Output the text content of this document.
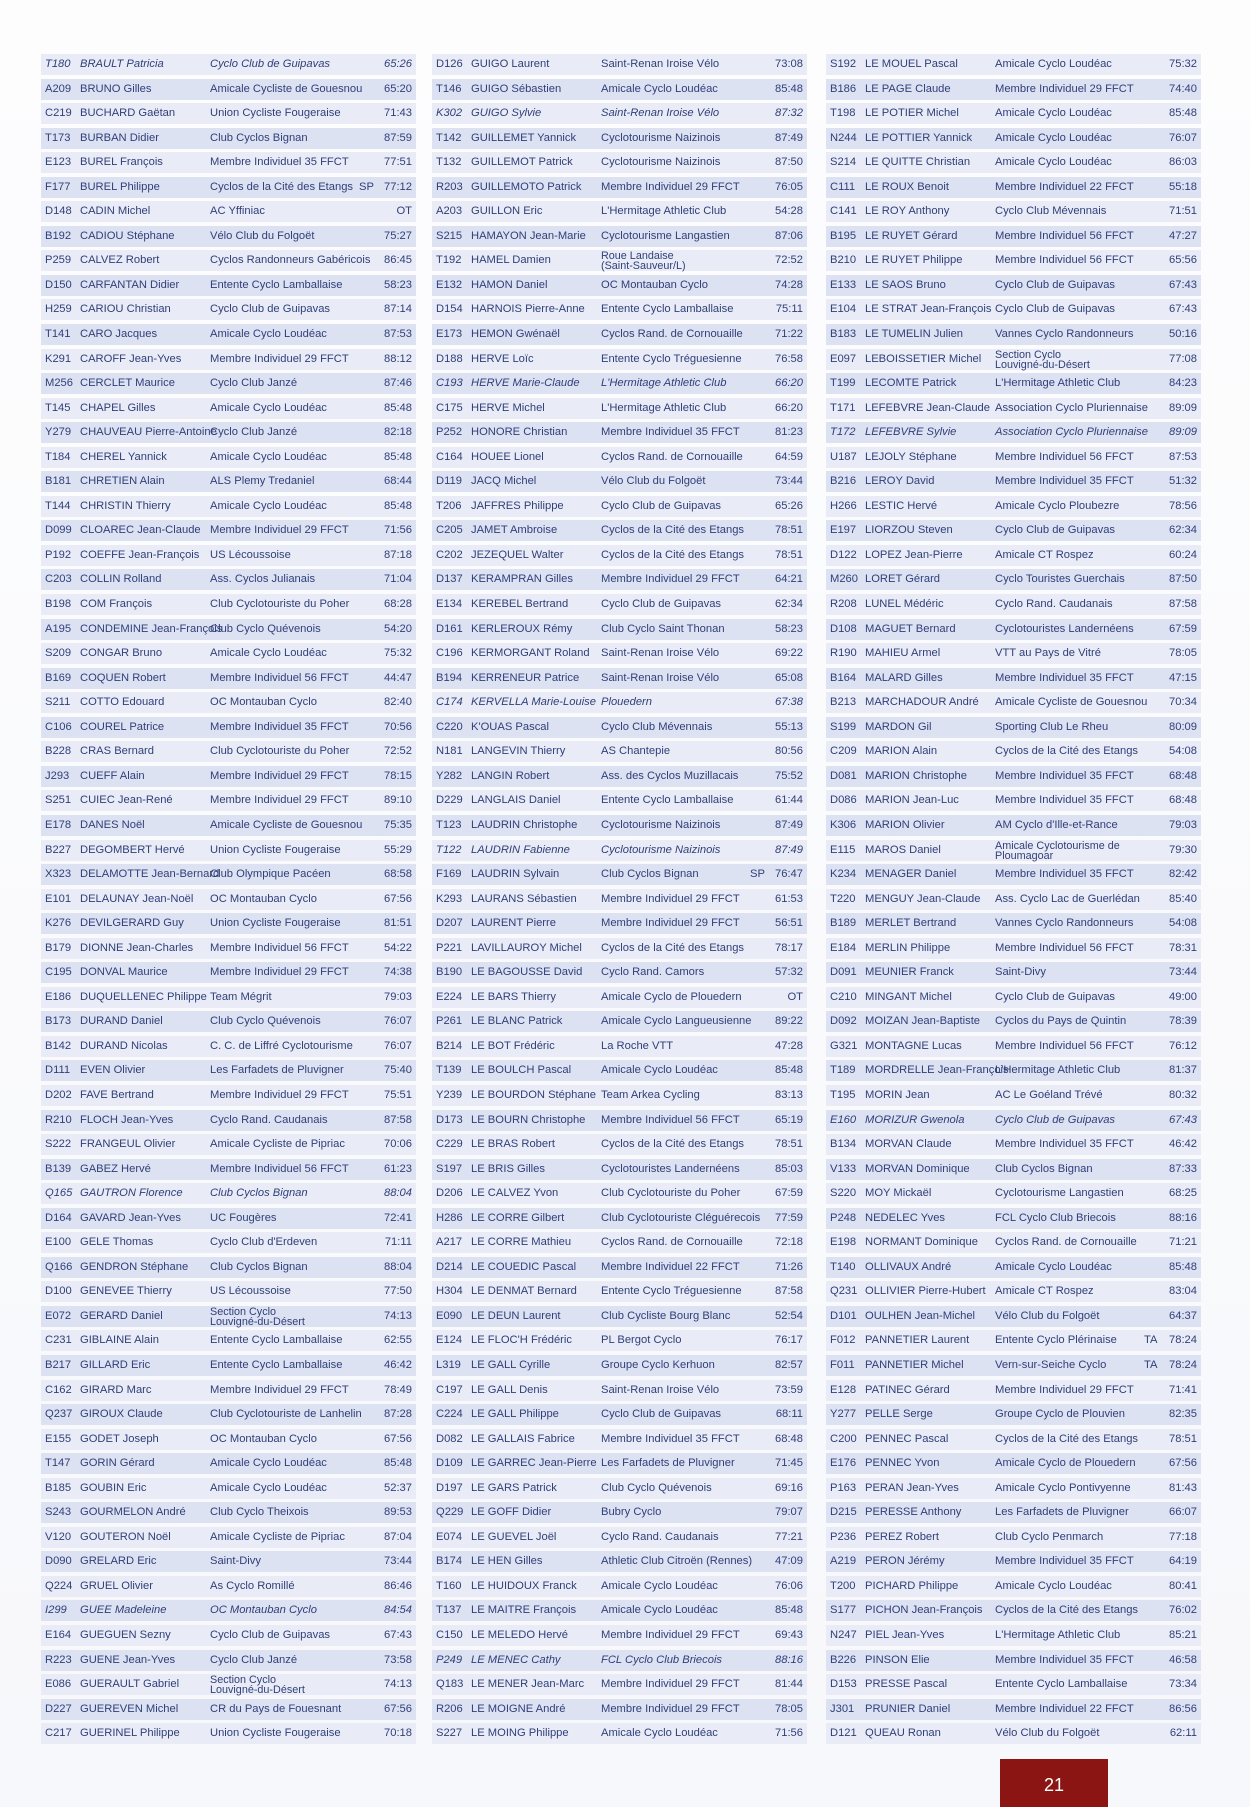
T180 BRAULT Patricia	Cyclo Club de Guipavas	65:26
A209 BRUNO Gilles	Amicale Cycliste de Gouesnou	65:20
C219 BUCHARD Gaëtan	Union Cycliste Fougeraise	71:43
T173 BURBAN Didier	Club Cyclos Bignan	87:59
E123 BUREL François	Membre Individuel 35 FFCT	77:51
F177 BUREL Philippe	Cyclos de la Cité des Etangs SP 77:12
D148 CADIN Michel	AC Yffiniac	OT
B192 CADIOU Stéphane	Vélo Club du Folgoët	75:27
P259 CALVEZ Robert	Cyclos Randonneurs Gabéricois	86:45
D150 CARFANTAN Didier	Entente Cyclo Lamballaise	58:23
H259 CARIOU Christian	Cyclo Club de Guipavas	87:14
T141 CARO Jacques	Amicale Cyclo Loudéac	87:53
K291 CAROFF Jean-Yves	Membre Individuel 29 FFCT	88:12
M256 CERCLET Maurice	Cyclo Club Janzé	87:46
T145 CHAPEL Gilles	Amicale Cyclo Loudéac	85:48
Y279 CHAUVEAU Pierre-Antoine
Cyclo Club Janzé	82:18
T184 CHEREL Yannick	Amicale Cyclo Loudéac	85:48
B181 CHRETIEN Alain	ALS Plemy Tredaniel	68:44
T144 CHRISTIN Thierry	Amicale Cyclo Loudéac	85:48
D099 CLOAREC Jean-Claude Membre Individuel 29 FFCT	71:56
P192 COEFFE Jean-François US Lécoussoise	87:18
C203 COLLIN Rolland	Ass. Cyclos Julianais	71:04
B198 COM François	Club Cyclotouriste du Poher	68:28
A195 CONDEMINE Jean-François
Club Cyclo Quévenois	54:20
S209 CONGAR Bruno	Amicale Cyclo Loudéac	75:32
B169 COQUEN Robert	Membre Individuel 56 FFCT	44:47
S211 COTTO Edouard	OC Montauban Cyclo	82:40
C106 COUREL Patrice	Membre Individuel 35 FFCT	70:56
B228 CRAS Bernard	Club Cyclotouriste du Poher	72:52
J293 CUEFF Alain	Membre Individuel 29 FFCT	78:15
S251 CUIEC Jean-René	Membre Individuel 29 FFCT	89:10
E178 DANES Noël	Amicale Cycliste de Gouesnou	75:35
B227 DEGOMBERT Hervé	Union Cycliste Fougeraise	55:29
X323 DELAMOTTE Jean-Bernard
Club Olympique Pacéen	68:58
E101 DELAUNAY Jean-Noël	OC Montauban Cyclo	67:56
K276 DEVILGERARD Guy	Union Cycliste Fougeraise	81:51
B179 DIONNE Jean-Charles	Membre Individuel 56 FFCT	54:22
C195 DONVAL Maurice	Membre Individuel 29 FFCT	74:38
E186 DUQUELLENEC Philippe Team Mégrit	79:03
B173 DURAND Daniel	Club Cyclo Quévenois	76:07
B142 DURAND Nicolas	C. C. de Liffré Cyclotourisme	76:07
D111 EVEN Olivier	Les Farfadets de Pluvigner	75:40
D202 FAVE Bertrand	Membre Individuel 29 FFCT	75:51
R210 FLOCH Jean-Yves	Cyclo Rand. Caudanais	87:58
S222 FRANGEUL Olivier	Amicale Cycliste de Pipriac	70:06
B139 GABEZ Hervé	Membre Individuel 56 FFCT	61:23
Q165 GAUTRON Florence	Club Cyclos Bignan	88:04
D164 GAVARD Jean-Yves	UC Fougères	72:41
E100 GELE Thomas	Cyclo Club d'Erdeven	71:11
Q166 GENDRON Stéphane	Club Cyclos Bignan	88:04
D100 GENEVEE Thierry	US Lécoussoise	77:50
E072 GERARD Daniel	Section Cyclo
Louvigné-du-Désert	74:13
C231 GIBLAINE Alain	Entente Cyclo Lamballaise	62:55
B217 GILLARD Eric	Entente Cyclo Lamballaise	46:42
C162 GIRARD Marc	Membre Individuel 29 FFCT	78:49
Q237 GIROUX Claude	Club Cyclotouriste de Lanhelin	87:28
E155 GODET Joseph	OC Montauban Cyclo	67:56
T147 GORIN Gérard	Amicale Cyclo Loudéac	85:48
B185 GOUBIN Eric	Amicale Cyclo Loudéac	52:37
S243 GOURMELON André	Club Cyclo Theixois	89:53
V120 GOUTERON Noël	Amicale Cycliste de Pipriac	87:04
D090 GRELARD Eric	Saint-Divy	73:44
Q224 GRUEL Olivier	As Cyclo Romillé	86:46
I299	GUEE Madeleine	OC Montauban Cyclo	84:54
E164 GUEGUEN Sezny	Cyclo Club de Guipavas	67:43
R223 GUENE Jean-Yves	Cyclo Club Janzé	73:58
E086 GUERAULT Gabriel	Section Cyclo
Louvigné-du-Désert	74:13
D227 GUEREVEN Michel	CR du Pays de Fouesnant	67:56
C217 GUERINEL Philippe	Union Cycliste Fougeraise	70:18
D126 GUIGO Laurent	Saint-Renan Iroise Vélo	73:08
T146 GUIGO Sébastien	Amicale Cyclo Loudéac	85:48
K302 GUIGO Sylvie	Saint-Renan Iroise Vélo	87:32
T142 GUILLEMET Yannick	Cyclotourisme Naizinois	87:49
T132 GUILLEMOT Patrick	Cyclotourisme Naizinois	87:50
R203 GUILLEMOTO Patrick	Membre Individuel 29 FFCT	76:05
A203 GUILLON Eric	L'Hermitage Athletic Club	54:28
S215 HAMAYON Jean-Marie	Cyclotourisme Langastien	87:06
T192 HAMEL Damien	Roue Landaise
(Saint-Sauveur/L)	72:52
E132 HAMON Daniel	OC Montauban Cyclo	74:28
D154 HARNOIS Pierre-Anne	Entente Cyclo Lamballaise	75:11
E173 HEMON Gwénaël	Cyclos Rand. de Cornouaille	71:22
D188 HERVE Loïc	Entente Cyclo Tréguesienne	76:58
C193 HERVE Marie-Claude	L'Hermitage Athletic Club	66:20
C175 HERVE Michel	L'Hermitage Athletic Club	66:20
P252 HONORE Christian	Membre Individuel 35 FFCT	81:23
C164 HOUEE Lionel	Cyclos Rand. de Cornouaille	64:59
D119 JACQ Michel	Vélo Club du Folgoët	73:44
T206 JAFFRES Philippe	Cyclo Club de Guipavas	65:26
C205 JAMET Ambroise	Cyclos de la Cité des Etangs	78:51
C202 JEZEQUEL Walter	Cyclos de la Cité des Etangs	78:51
D137 KERAMPRAN Gilles	Membre Individuel 29 FFCT	64:21
E134 KEREBEL Bertrand	Cyclo Club de Guipavas	62:34
D161 KERLEROUX Rémy	Club Cyclo Saint Thonan	58:23
C196 KERMORGANT Roland	Saint-Renan Iroise Vélo	69:22
B194 KERRENEUR Patrice	Saint-Renan Iroise Vélo	65:08
C174 KERVELLA Marie-Louise Plouedern	67:38
C220 K'OUAS Pascal	Cyclo Club Mévennais	55:13
N181 LANGEVIN Thierry	AS Chantepie	80:56
Y282 LANGIN Robert	Ass. des Cyclos Muzillacais	75:52
D229 LANGLAIS Daniel	Entente Cyclo Lamballaise	61:44
T123 LAUDRIN Christophe	Cyclotourisme Naizinois	87:49
T122 LAUDRIN Fabienne	Cyclotourisme Naizinois	87:49
F169 LAUDRIN Sylvain	Club Cyclos Bignan	SP 76:47
K293 LAURANS Sébastien	Membre Individuel 29 FFCT	61:53
D207 LAURENT Pierre	Membre Individuel 29 FFCT	56:51
P221 LAVILLAUROY Michel	Cyclos de la Cité des Etangs	78:17
B190 LE BAGOUSSE David	Cyclo Rand. Camors	57:32
E224 LE BARS Thierry	Amicale Cyclo de Plouedern	OT
P261 LE BLANC Patrick	Amicale Cyclo Langueusienne	89:22
B214 LE BOT Frédéric	La Roche VTT	47:28
T139 LE BOULCH Pascal	Amicale Cyclo Loudéac	85:48
Y239 LE BOURDON Stéphane Team Arkea Cycling	83:13
D173 LE BOURN Christophe	Membre Individuel 56 FFCT	65:19
C229 LE BRAS Robert	Cyclos de la Cité des Etangs	78:51
S197 LE BRIS Gilles	Cyclotouristes Landernéens	85:03
D206 LE CALVEZ Yvon	Club Cyclotouriste du Poher	67:59
H286 LE CORRE Gilbert	Club Cyclotouriste Cléguérecois	77:59
A217 LE CORRE Mathieu	Cyclos Rand. de Cornouaille	72:18
D214 LE COUEDIC Pascal	Membre Individuel 22 FFCT	71:26
H304 LE DENMAT Bernard	Entente Cyclo Tréguesienne	87:58
E090 LE DEUN Laurent	Club Cycliste Bourg Blanc	52:54
E124 LE FLOC'H Frédéric	PL Bergot Cyclo	76:17
L319 LE GALL Cyrille	Groupe Cyclo Kerhuon	82:57
C197 LE GALL Denis	Saint-Renan Iroise Vélo	73:59
C224 LE GALL Philippe	Cyclo Club de Guipavas	68:11
D082 LE GALLAIS Fabrice	Membre Individuel 35 FFCT	68:48
D109 LE GARREC Jean-Pierre Les Farfadets de Pluvigner	71:45
D197 LE GARS Patrick	Club Cyclo Quévenois	69:16
Q229 LE GOFF Didier	Bubry Cyclo	79:07
E074 LE GUEVEL Joël	Cyclo Rand. Caudanais	77:21
B174 LE HEN Gilles	Athletic Club Citroën (Rennes)	47:09
T160 LE HUIDOUX Franck	Amicale Cyclo Loudéac	76:06
T137 LE MAITRE François	Amicale Cyclo Loudéac	85:48
C150 LE MELEDO Hervé	Membre Individuel 29 FFCT	69:43
P249 LE MENEC Cathy	FCL Cyclo Club Briecois	88:16
Q183 LE MENER Jean-Marc	Membre Individuel 29 FFCT	81:44
R206 LE MOIGNE André	Membre Individuel 29 FFCT	78:05
S227 LE MOING Philippe	Amicale Cyclo Loudéac	71:56
S192 LE MOUEL Pascal	Amicale Cyclo Loudéac	75:32
B186 LE PAGE Claude	Membre Individuel 29 FFCT	74:40
T198 LE POTIER Michel	Amicale Cyclo Loudéac	85:48
N244 LE POTTIER Yannick	Amicale Cyclo Loudéac	76:07
S214 LE QUITTE Christian	Amicale Cyclo Loudéac	86:03
C111 LE ROUX Benoit	Membre Individuel 22 FFCT	55:18
C141 LE ROY Anthony	Cyclo Club Mévennais	71:51
B195 LE RUYET Gérard	Membre Individuel 56 FFCT	47:27
B210 LE RUYET Philippe	Membre Individuel 56 FFCT	65:56
E133 LE SAOS Bruno	Cyclo Club de Guipavas	67:43
E104 LE STRAT Jean-François Cyclo Club de Guipavas	67:43
B183 LE TUMELIN Julien	Vannes Cyclo Randonneurs	50:16
E097 LEBOISSETIER Michel	Section Cyclo
Louvigné-du-Désert	77:08
T199 LECOMTE Patrick	L'Hermitage Athletic Club	84:23
T171 LEFEBVRE Jean-Claude Association Cyclo Pluriennaise	89:09
T172 LEFEBVRE Sylvie	Association Cyclo Pluriennaise	89:09
U187 LEJOLY Stéphane	Membre Individuel 56 FFCT	87:53
B216 LEROY David	Membre Individuel 35 FFCT	51:32
H266 LESTIC Hervé	Amicale Cyclo Ploubezre	78:56
E197 LIORZOU Steven	Cyclo Club de Guipavas	62:34
D122 LOPEZ Jean-Pierre	Amicale CT Rospez	60:24
M260 LORET Gérard	Cyclo Touristes Guerchais	87:50
R208 LUNEL Médéric	Cyclo Rand. Caudanais	87:58
D108 MAGUET Bernard	Cyclotouristes Landernéens	67:59
R190 MAHIEU Armel	VTT au Pays de Vitré	78:05
B164 MALARD Gilles	Membre Individuel 35 FFCT	47:15
B213 MARCHADOUR André	Amicale Cycliste de Gouesnou	70:34
S199 MARDON Gil	Sporting Club Le Rheu	80:09
C209 MARION Alain	Cyclos de la Cité des Etangs	54:08
D081 MARION Christophe	Membre Individuel 35 FFCT	68:48
D086 MARION Jean-Luc	Membre Individuel 35 FFCT	68:48
K306 MARION Olivier	AM Cyclo d'Ille-et-Rance	79:03
E115 MAROS Daniel	Amicale Cyclotourisme de
Ploumagoar	79:30
K234 MENAGER Daniel	Membre Individuel 35 FFCT	82:42
T220 MENGUY Jean-Claude	Ass. Cyclo Lac de Guerlédan	85:40
B189 MERLET Bertrand	Vannes Cyclo Randonneurs	54:08
E184 MERLIN Philippe	Membre Individuel 56 FFCT	78:31
D091 MEUNIER Franck	Saint-Divy	73:44
C210 MINGANT Michel	Cyclo Club de Guipavas	49:00
D092 MOIZAN Jean-Baptiste	Cyclos du Pays de Quintin	78:39
G321 MONTAGNE Lucas	Membre Individuel 56 FFCT	76:12
T189 MORDRELLE Jean-François
L'Hermitage Athletic Club	81:37
T195 MORIN Jean	AC Le Goéland Trévé	80:32
E160 MORIZUR Gwenola	Cyclo Club de Guipavas	67:43
B134 MORVAN Claude	Membre Individuel 35 FFCT	46:42
V133 MORVAN Dominique	Club Cyclos Bignan	87:33
S220 MOY Mickaël	Cyclotourisme Langastien	68:25
P248 NEDELEC Yves	FCL Cyclo Club Briecois	88:16
E198 NORMANT Dominique	Cyclos Rand. de Cornouaille	71:21
T140 OLLIVAUX André	Amicale Cyclo Loudéac	85:48
Q231 OLLIVIER Pierre-Hubert Amicale CT Rospez	83:04
D101 OULHEN Jean-Michel	Vélo Club du Folgoët	64:37
F012 PANNETIER Laurent	Entente Cyclo Plérinaise	TA	78:24
F011 PANNETIER Michel	Vern-sur-Seiche Cyclo	TA	78:24
E128 PATINEC Gérard	Membre Individuel 29 FFCT	71:41
Y277 PELLE Serge	Groupe Cyclo de Plouvien	82:35
C200 PENNEC Pascal	Cyclos de la Cité des Etangs	78:51
E176 PENNEC Yvon	Amicale Cyclo de Plouedern	67:56
P163 PERAN Jean-Yves	Amicale Cyclo Pontivyenne	81:43
D215 PERESSE Anthony	Les Farfadets de Pluvigner	66:07
P236 PEREZ Robert	Club Cyclo Penmarch	77:18
A219 PERON Jérémy	Membre Individuel 35 FFCT	64:19
T200 PICHARD Philippe	Amicale Cyclo Loudéac	80:41
S177 PICHON Jean-François	Cyclos de la Cité des Etangs	76:02
N247 PIEL Jean-Yves	L'Hermitage Athletic Club	85:21
B226 PINSON Elie	Membre Individuel 35 FFCT	46:58
D153 PRESSE Pascal	Entente Cyclo Lamballaise	73:34
J301 PRUNIER Daniel	Membre Individuel 22 FFCT	86:56
D121 QUEAU Ronan	Vélo Club du Folgoët	62:11
21
